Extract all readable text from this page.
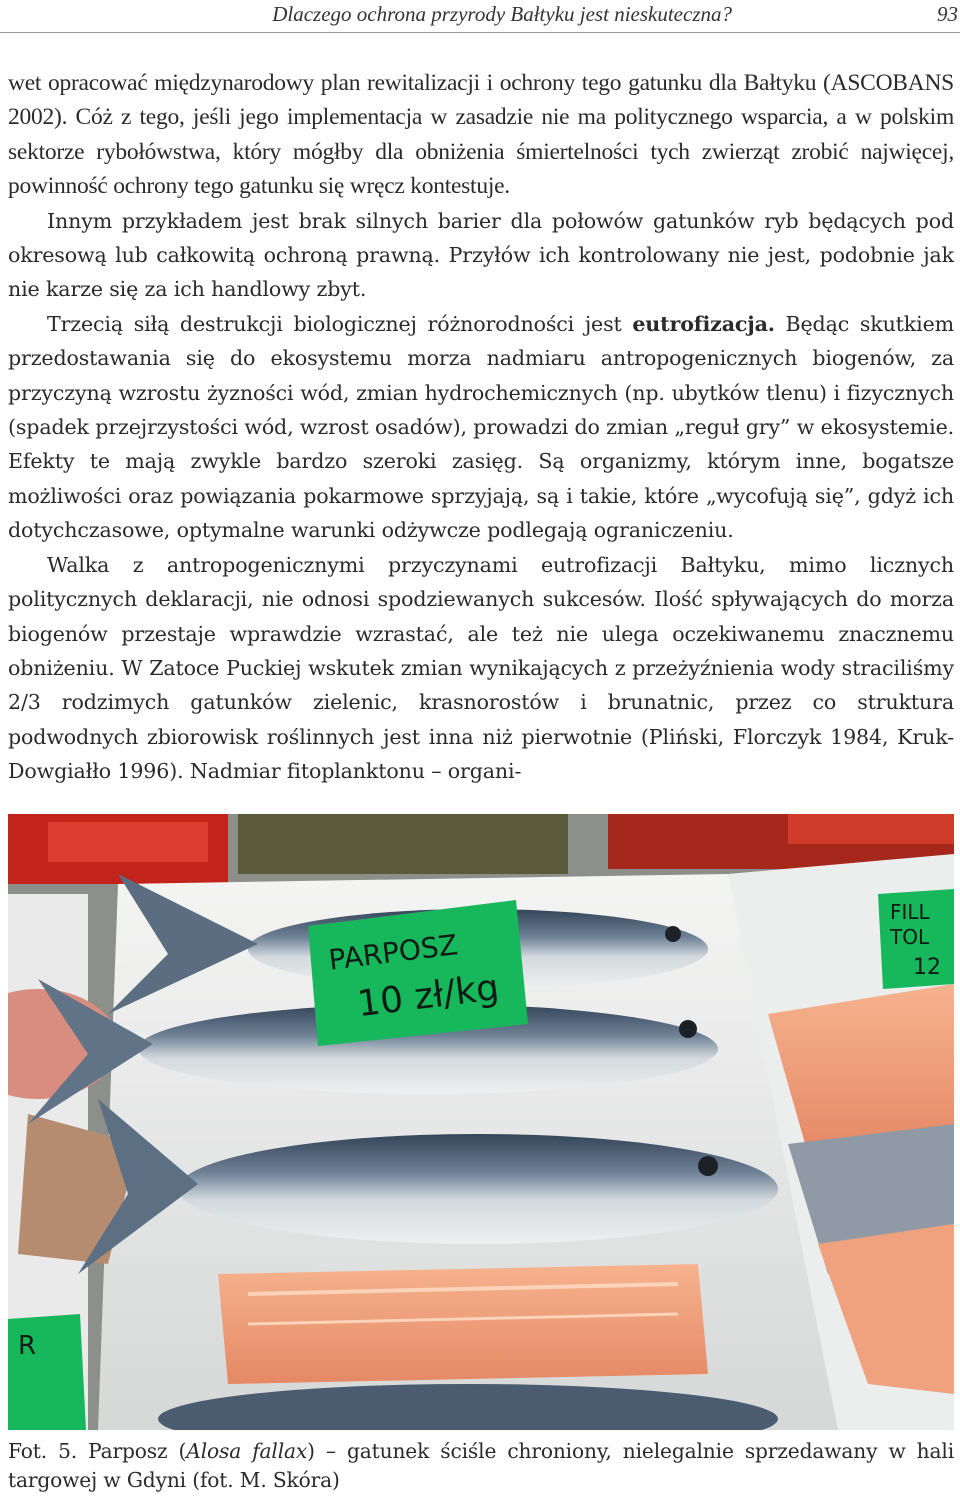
Dlaczego ochrona przyrody Bałtyku jest nieskuteczna?	93

wet opracować międzynarodowy plan rewitalizacji i ochrony tego gatunku dla Bałtyku (ASCOBANS 2002). Cóż z tego, jeśli jego implementacja w zasadzie nie ma politycznego wsparcia, a w polskim sektorze rybołówstwa, który mógłby dla obniżenia śmiertelności tych zwierząt zrobić najwięcej, powinność ochrony tego gatunku się wręcz kontestuje.

Innym przykładem jest brak silnych barier dla połowów gatunków ryb będących pod okresową lub całkowitą ochroną prawną. Przyłów ich kontrolowany nie jest, podobnie jak nie karze się za ich handlowy zbyt.

Trzecią siłą destrukcji biologicznej różnorodności jest eutrofizacja. Będąc skutkiem przedostawania się do ekosystemu morza nadmiaru antropogenicznych biogenów, za przyczyną wzrostu żyzności wód, zmian hydrochemicznych (np. ubytków tlenu) i fizycznych (spadek przejrzystości wód, wzrost osadów), prowadzi do zmian „reguł gry” w ekosystemie. Efekty te mają zwykle bardzo szeroki zasięg. Są organizmy, którym inne, bogatsze możliwości oraz powiązania pokarmowe sprzyjają, są i takie, które „wycofują się”, gdyż ich dotychczasowe, optymalne warunki odżywcze podlegają ograniczeniu.

Walka z antropogenicznymi przyczynami eutrofizacji Bałtyku, mimo licznych politycznych deklaracji, nie odnosi spodziewanych sukcesów. Ilość spływających do morza biogenów przestaje wprawdzie wzrastać, ale też nie ulega oczekiwanemu znacznemu obniżeniu. W Zatoce Puckiej wskutek zmian wynikających z przeżyźnienia wody straciliśmy 2/3 rodzimych gatunków zielenic, krasnorostów i brunatnic, przez co struktura podwodnych zbiorowisk roślinnych jest inna niż pierwotnie (Pliński, Florczyk 1984, Kruk-Dowgiałło 1996). Nadmiar fitoplanktonu – organi-

PARPOSZ
10 zł/kg
FILL
TOL
12
R
Fot. 5. Parposz (Alosa fallax) – gatunek ściśle chroniony, nielegalnie sprzedawany w hali targowej w Gdyni (fot. M. Skóra)
